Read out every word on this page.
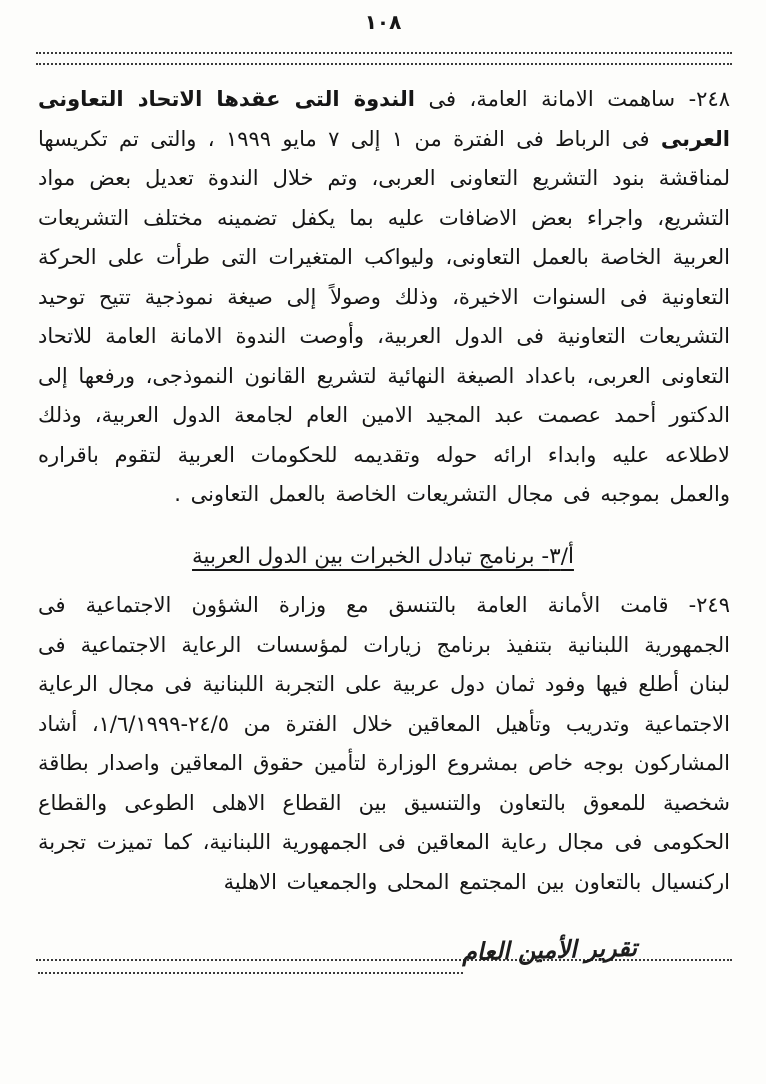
١٠٨

٢٤٨- ساهمت الامانة العامة، فى الندوة التى عقدها الاتحاد التعاونى العربى فى الرباط فى الفترة من ١ إلى ٧ مايو ١٩٩٩ ، والتى تم تكريسها لمناقشة بنود التشريع التعاونى العربى، وتم خلال الندوة تعديل بعض مواد التشريع، واجراء بعض الاضافات عليه بما يكفل تضمينه مختلف التشريعات العربية الخاصة بالعمل التعاونى، وليواكب المتغيرات التى طرأت على الحركة التعاونية فى السنوات الاخيرة، وذلك وصولاً إلى صيغة نموذجية تتيح توحيد التشريعات التعاونية فى الدول العربية، وأوصت الندوة الامانة العامة للاتحاد التعاونى العربى، باعداد الصيغة النهائية لتشريع القانون النموذجى، ورفعها إلى الدكتور أحمد عصمت عبد المجيد الامين العام لجامعة الدول العربية، وذلك لاطلاعه عليه وابداء ارائه حوله وتقديمه للحكومات العربية لتقوم باقراره والعمل بموجبه فى مجال التشريعات الخاصة بالعمل التعاونى .

أ/٣- برنامج تبادل الخبرات بين الدول العربية

٢٤٩- قامت الأمانة العامة بالتنسق مع وزارة الشؤون الاجتماعية فى الجمهورية اللبنانية بتنفيذ برنامج زيارات لمؤسسات الرعاية الاجتماعية فى لبنان أطلع فيها وفود ثمان دول عربية على التجربة اللبنانية فى مجال الرعاية الاجتماعية وتدريب وتأهيل المعاقين خلال الفترة من ٢٤/٥-١/٦/١٩٩٩، أشاد المشاركون بوجه خاص بمشروع الوزارة لتأمين حقوق المعاقين واصدار بطاقة شخصية للمعوق بالتعاون والتنسيق بين القطاع الاهلى الطوعى والقطاع الحكومى فى مجال رعاية المعاقين فى الجمهورية اللبنانية، كما تميزت تجربة اركنسيال بالتعاون بين المجتمع المحلى والجمعيات الاهلية

تقرير الأمين العام
